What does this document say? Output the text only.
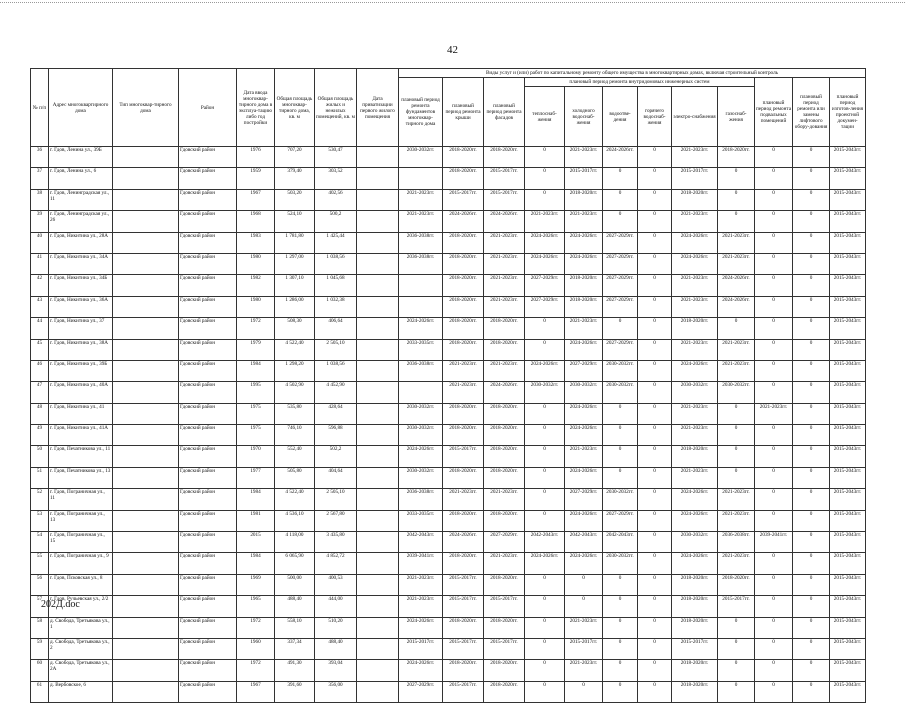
42
№ п/п	Адрес многоквартирного дома	Тип многоквар-тирного дома	Район	Дата ввода многоквар-тирного дома в эксплуа-тацию либо год постройки	Общая площадь многоквар-тирного дома, кв. м	Общая площадь жилых и нежилых помещений, кв. м	Дата приватизации первого жилого помещения	Виды услуг и (или) работ по капитальному ремонту общего имущества в многоквартирных домах, включая строительный контроль											
								плановый период ремонта фундаментов многоквар-тирного дома	плановый период ремонта крыши	плановый период ремонта фасадов	плановый период ремонта внутридомовых инженерных систем						плановый период ремонта подвальных помещений	плановый период ремонта или замены лифтового обору-дования	плановый период изготов-ления проектной докумен-тации
											теплоснаб-жения	холодного водоснаб-жения	водоотве-дения	горячего водоснаб-жения	электро-снабжения	газоснаб-жения			
36	г. Гдов, Ленина ул., 39Б		Гдовский район	1976	707,20	530,47		2030-2032гг.	2018-2020гг.	2018-2020гг.	0	2021-2023гг.	2024-2026гг.	0	2021-2023гг.	2018-2020гг.	0	0	2015-2043гг.
37	г. Гдов, Ленина ул., 6		Гдовский район	1959	379,40	303,52			2018-2020гг.	2015-2017гг.	0	2015-2017гг.	0	0	2015-2017гг.	0	0	0	2015-2043гг.
38	г. Гдов, Ленинградская ул., 11		Гдовский район	1967	503,20	402,56		2021-2023гг.	2015-2017гг.	2015-2017гг.	0	2018-2020гг.	0	0	2018-2020гг.	0	0	0	2015-2043гг.
39	г. Гдов, Ленинградская ул., 26		Гдовский район	1968	524,10	500,2		2021-2023гг.	2024-2026гг.	2024-2026гг.	2021-2023гг.	2021-2023гг.	0	0	2021-2023гг.	0	0	0	2015-2043гг.
40	г. Гдов, Никитина ул., 28А		Гдовский район	1983	1 781,80	1 425,44		2036-2038гг.	2018-2020гг.	2021-2023гг.	2024-2026гг.	2024-2026гг.	2027-2029гг.	0	2024-2026гг.	2021-2023гг.	0	0	2015-2043гг.
41	г. Гдов, Никитина ул., 34А		Гдовский район	1980	1 297,00	1 038,56		2036-2038гг.	2018-2020гг.	2021-2023гг.	2024-2026гг.	2024-2026гг.	2027-2029гг.	0	2024-2026гг.	2021-2023гг.	0	0	2015-2043гг.
42	г. Гдов, Никитина ул., 34Б		Гдовский район	1982	1 307,10	1 045,68			2018-2020гг.	2021-2023гг.	2027-2029гг.	2018-2020гг.	2027-2029гг.	0	2021-2023гг.	2024-2026гг.	0	0	2015-2043гг.
43	г. Гдов, Никитина ул., 36А		Гдовский район	1980	1 286,00	1 032,38			2018-2020гг.	2021-2023гг.	2027-2029гг.	2018-2020гг.	2027-2029гг.	0	2021-2023гг.	2024-2026гг.	0	0	2015-2043гг.
44	г. Гдов, Никитина ул., 37		Гдовский район	1972	508,30	406,64		2024-2026гг.	2018-2020гг.	2018-2020гг.	0	2021-2023гг.	0	0	2018-2020гг.	0	0	0	2015-2043гг.
45	г. Гдов, Никитина ул., 38А		Гдовский район	1979	4 522,40	2 505,10		2033-2035гг.	2018-2020гг.	2018-2020гг.	0	2024-2026гг.	2027-2029гг.	0	2021-2023гг.	2021-2023гг.	0	0	2015-2043гг.
46	г. Гдов, Никитина ул., 39Б		Гдовский район	1984	1 298,20	1 038,56		2036-2038гг.	2021-2023гг.	2021-2023гг.	2024-2026гг.	2027-2029гг.	2030-2032гг.	0	2024-2026гг.	2021-2023гг.	0	0	2015-2043гг.
47	г. Гдов, Никитина ул., 40А		Гдовский район	1995	4 502,90	4 452,90			2021-2023гг.	2024-2026гг.	2030-2032гг.	2030-2032гг.	2030-2032гг.	0	2030-2032гг.	2030-2032гг.	0	0	2015-2043гг.
48	г. Гдов, Никитина ул., 41		Гдовский район	1975	535,80	428,64		2030-2032гг.	2018-2020гг.	2018-2020гг.	0	2024-2026гг.	0	0	2021-2023гг.	0	2021-2023гг.	0	2015-2043гг.
49	г. Гдов, Никитина ул., 41А		Гдовский район	1975	746,10	596,88		2030-2032гг.	2018-2020гг.	2018-2020гг.	0	2024-2026гг.	0	0	2021-2023гг.	0	0	0	2015-2043гг.
50	г. Гдов, Печатникова ул., 11		Гдовский район	1970	552,40	502,2		2024-2026гг.	2015-2017гг.	2018-2020гг.	0	2021-2023гг.	0	0	2018-2020гг.	0	0	0	2015-2043гг.
51	г. Гдов, Печатникова ул., 13		Гдовский район	1977	505,80	404,64		2030-2032гг.	2018-2020гг.	2018-2020гг.	0	2024-2026гг.	0	0	2021-2023гг.	0	0	0	2015-2043гг.
52	г. Гдов, Пограничная ул., 11		Гдовский район	1984	4 522,40	2 505,10		2036-2038гг.	2021-2023гг.	2021-2023гг.	0	2027-2029гг.	2030-2032гг.	0	2024-2026гг.	2021-2023гг.	0	0	2015-2043гг.
53	г. Гдов, Пограничная ул., 13		Гдовский район	1981	4 536,10	2 567,80		2033-2035гг.	2018-2020гг.	2018-2020гг.	0	2024-2026гг.	2027-2029гг.	0	2024-2026гг.	2021-2023гг.	0	0	2015-2043гг.
54	г. Гдов, Пограничная ул., 15		Гдовский район	2015	4 118,00	3 435,80		2042-2043гг.	2024-2026гг.	2027-2029гг.	2042-2043гг.	2042-2043гг.	2042-2043гг.	0	2030-2032гг.	2036-2038гг.	2039-2041гг.	0	2015-2043гг.
55	г. Гдов, Пограничная ул., 9		Гдовский район	1984	6 065,90	4 852,72		2039-2041гг.	2018-2020гг.	2021-2023гг.	2024-2026гг.	2024-2026гг.	2030-2032гг.	0	2024-2026гг.	2021-2023гг.	0	0	2015-2043гг.
56	г. Гдов, Псковская ул., 8		Гдовский район	1969	500,00	400,53		2021-2023гг.	2015-2017гг.	2018-2020гг.	0	0	0	0	2018-2020гг.	2018-2020гг.	0	0	2015-2043гг.
57	г. Гдов, Ручьевская ул., 2/2		Гдовский район	1965	488,40	444,00		2021-2023гг.	2015-2017гг.	2015-2017гг.	0	0	0	0	2018-2020гг.	2015-2017гг.	0	0	2015-2043гг.
58	д. Свобода, Третьякова ул., 1		Гдовский район	1972	558,10	510,20		2024-2026гг.	2018-2020гг.	2018-2020гг.	0	2021-2023гг.	0	0	2018-2020гг.	0	0	0	2015-2043гг.
59	д. Свобода, Третьякова ул., 2		Гдовский район	1960	337,34	488,40		2015-2017гг.	2015-2017гг.	2015-2017гг.	0	2015-2017гг.	0	0	2015-2017гг.	0	0	0	2015-2043гг.
60	д. Свобода, Третьякова ул., 2А		Гдовский район	1972	491,30	393,04		2024-2026гг.	2018-2020гг.	2018-2020гг.	0	2021-2023гг.	0	0	2018-2020гг.	0	0	0	2015-2043гг.
61	д. Вербовское, 6		Гдовский район	1967	391,60	356,00		2027-2029гг.	2015-2017гг.	2018-2020гг.	0	0	0	0	2018-2020гг.	0	0	0	2015-2043гг.
202Д.doc
